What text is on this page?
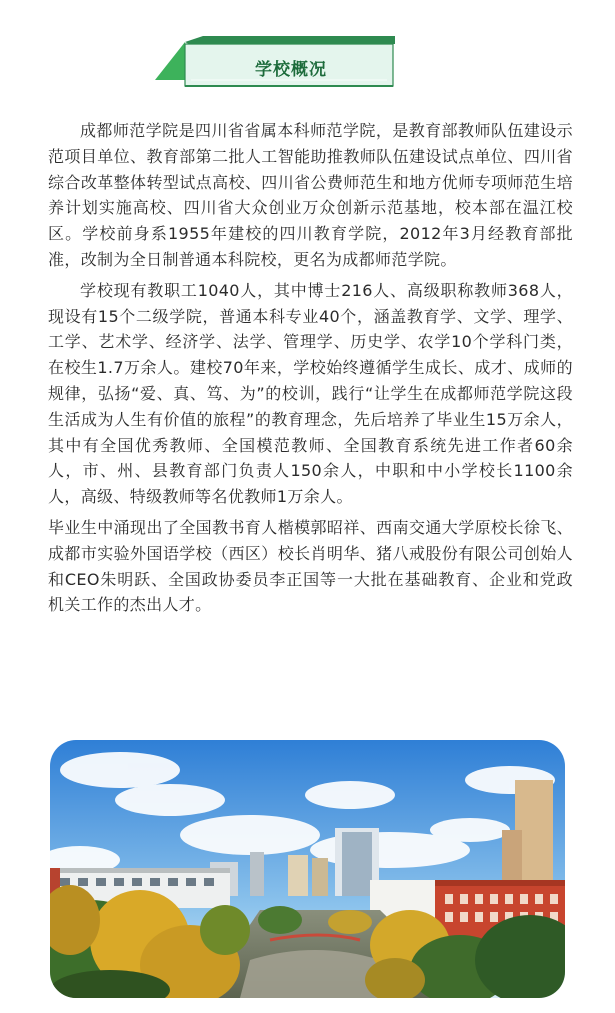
学校概况

成都师范学院是四川省省属本科师范学院，是教育部教师队伍建设示范项目单位、教育部第二批人工智能助推教师队伍建设试点单位、四川省综合改革整体转型试点高校、四川省公费师范生和地方优师专项师范生培养计划实施高校、四川省大众创业万众创新示范基地，校本部在温江校区。学校前身系1955年建校的四川教育学院，2012年3月经教育部批准，改制为全日制普通本科院校，更名为成都师范学院。

学校现有教职工1040人，其中博士216人、高级职称教师368人，现设有15个二级学院，普通本科专业40个，涵盖教育学、文学、理学、工学、艺术学、经济学、法学、管理学、历史学、农学10个学科门类，在校生1.7万余人。建校70年来，学校始终遵循学生成长、成才、成师的规律，弘扬“爱、真、笃、为”的校训，践行“让学生在成都师范学院这段生活成为人生有价值的旅程”的教育理念，先后培养了毕业生15万余人，其中有全国优秀教师、全国模范教师、全国教育系统先进工作者60余人，市、州、县教育部门负责人150余人，中职和中小学校长1100余人，高级、特级教师等名优教师1万余人。

毕业生中涌现出了全国教书育人楷模郭昭祥、西南交通大学原校长徐飞、成都市实验外国语学校（西区）校长肖明华、猪八戒股份有限公司创始人和CEO朱明跃、全国政协委员李正国等一大批在基础教育、企业和党政机关工作的杰出人才。
